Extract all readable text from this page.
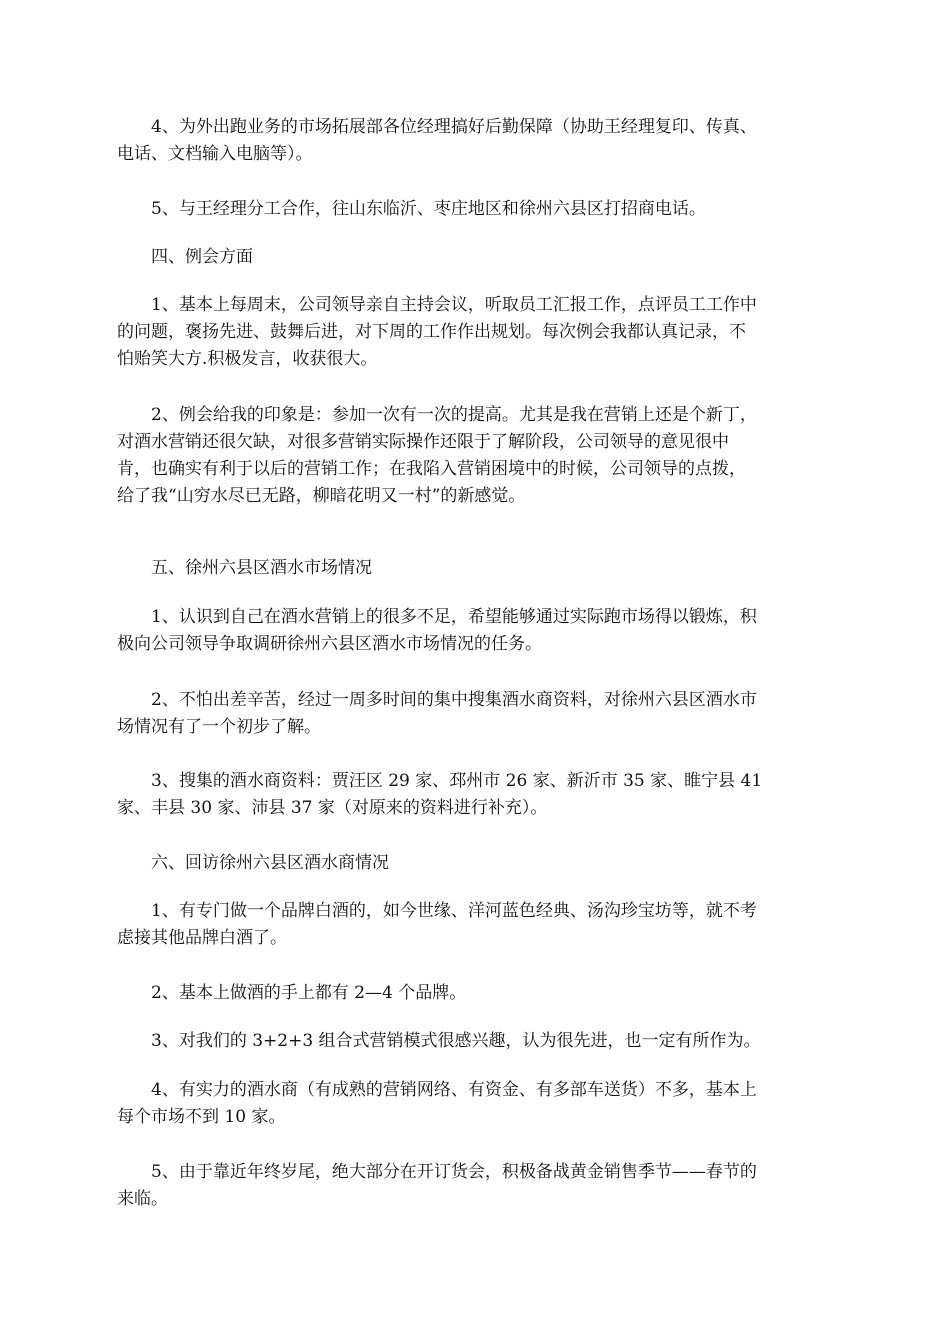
4、为外出跑业务的市场拓展部各位经理搞好后勤保障（协助王经理复印、传真、
电话、文档输入电脑等）。

5、与王经理分工合作，往山东临沂、枣庄地区和徐州六县区打招商电话。

四、例会方面

1、基本上每周末，公司领导亲自主持会议，听取员工汇报工作，点评员工工作中
的问题，褒扬先进、鼓舞后进，对下周的工作作出规划。每次例会我都认真记录，不
怕贻笑大方.积极发言，收获很大。

2、例会给我的印象是：参加一次有一次的提高。尤其是我在营销上还是个新丁，
对酒水营销还很欠缺，对很多营销实际操作还限于了解阶段，公司领导的意见很中
肯，也确实有利于以后的营销工作；在我陷入营销困境中的时候，公司领导的点拨，
给了我“山穷水尽已无路，柳暗花明又一村”的新感觉。

五、徐州六县区酒水市场情况

1、认识到自己在酒水营销上的很多不足，希望能够通过实际跑市场得以锻炼，积
极向公司领导争取调研徐州六县区酒水市场情况的任务。

2、不怕出差辛苦，经过一周多时间的集中搜集酒水商资料，对徐州六县区酒水市
场情况有了一个初步了解。

3、搜集的酒水商资料：贾汪区 29 家、邳州市 26 家、新沂市 35 家、睢宁县 41
家、丰县 30 家、沛县 37 家（对原来的资料进行补充）。

六、回访徐州六县区酒水商情况

1、有专门做一个品牌白酒的，如今世缘、洋河蓝色经典、汤沟珍宝坊等，就不考
虑接其他品牌白酒了。

2、基本上做酒的手上都有 2—4 个品牌。

3、对我们的 3+2+3 组合式营销模式很感兴趣，认为很先进，也一定有所作为。

4、有实力的酒水商（有成熟的营销网络、有资金、有多部车送货）不多，基本上
每个市场不到 10 家。

5、由于靠近年终岁尾，绝大部分在开订货会，积极备战黄金销售季节——春节的
来临。
